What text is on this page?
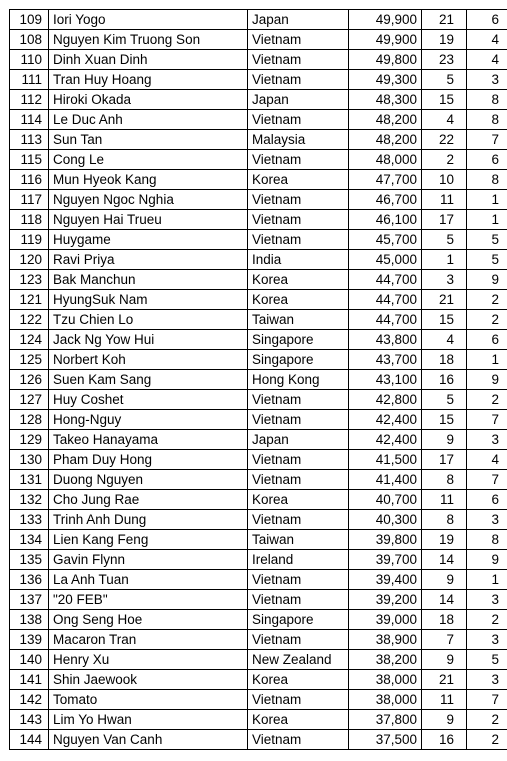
109	Iori Yogo	Japan	49,900	21	6
108	Nguyen Kim Truong Son	Vietnam	49,900	19	4
110	Dinh Xuan Dinh	Vietnam	49,800	23	4
111	Tran Huy Hoang	Vietnam	49,300	5	3
112	Hiroki Okada	Japan	48,300	15	8
114	Le Duc Anh	Vietnam	48,200	4	8
113	Sun Tan	Malaysia	48,200	22	7
115	Cong Le	Vietnam	48,000	2	6
116	Mun Hyeok Kang	Korea	47,700	10	8
117	Nguyen Ngoc Nghia	Vietnam	46,700	11	1
118	Nguyen Hai Trueu	Vietnam	46,100	17	1
119	Huygame	Vietnam	45,700	5	5
120	Ravi Priya	India	45,000	1	5
123	Bak Manchun	Korea	44,700	3	9
121	HyungSuk Nam	Korea	44,700	21	2
122	Tzu Chien Lo	Taiwan	44,700	15	2
124	Jack Ng Yow Hui	Singapore	43,800	4	6
125	Norbert Koh	Singapore	43,700	18	1
126	Suen Kam Sang	Hong Kong	43,100	16	9
127	Huy Coshet	Vietnam	42,800	5	2
128	Hong-Nguy	Vietnam	42,400	15	7
129	Takeo Hanayama	Japan	42,400	9	3
130	Pham Duy Hong	Vietnam	41,500	17	4
131	Duong Nguyen	Vietnam	41,400	8	7
132	Cho Jung Rae	Korea	40,700	11	6
133	Trinh Anh Dung	Vietnam	40,300	8	3
134	Lien Kang Feng	Taiwan	39,800	19	8
135	Gavin Flynn	Ireland	39,700	14	9
136	La Anh Tuan	Vietnam	39,400	9	1
137	"20 FEB"	Vietnam	39,200	14	3
138	Ong Seng Hoe	Singapore	39,000	18	2
139	Macaron Tran	Vietnam	38,900	7	3
140	Henry Xu	New Zealand	38,200	9	5
141	Shin Jaewook	Korea	38,000	21	3
142	Tomato	Vietnam	38,000	11	7
143	Lim Yo Hwan	Korea	37,800	9	2
144	Nguyen Van Canh	Vietnam	37,500	16	2
